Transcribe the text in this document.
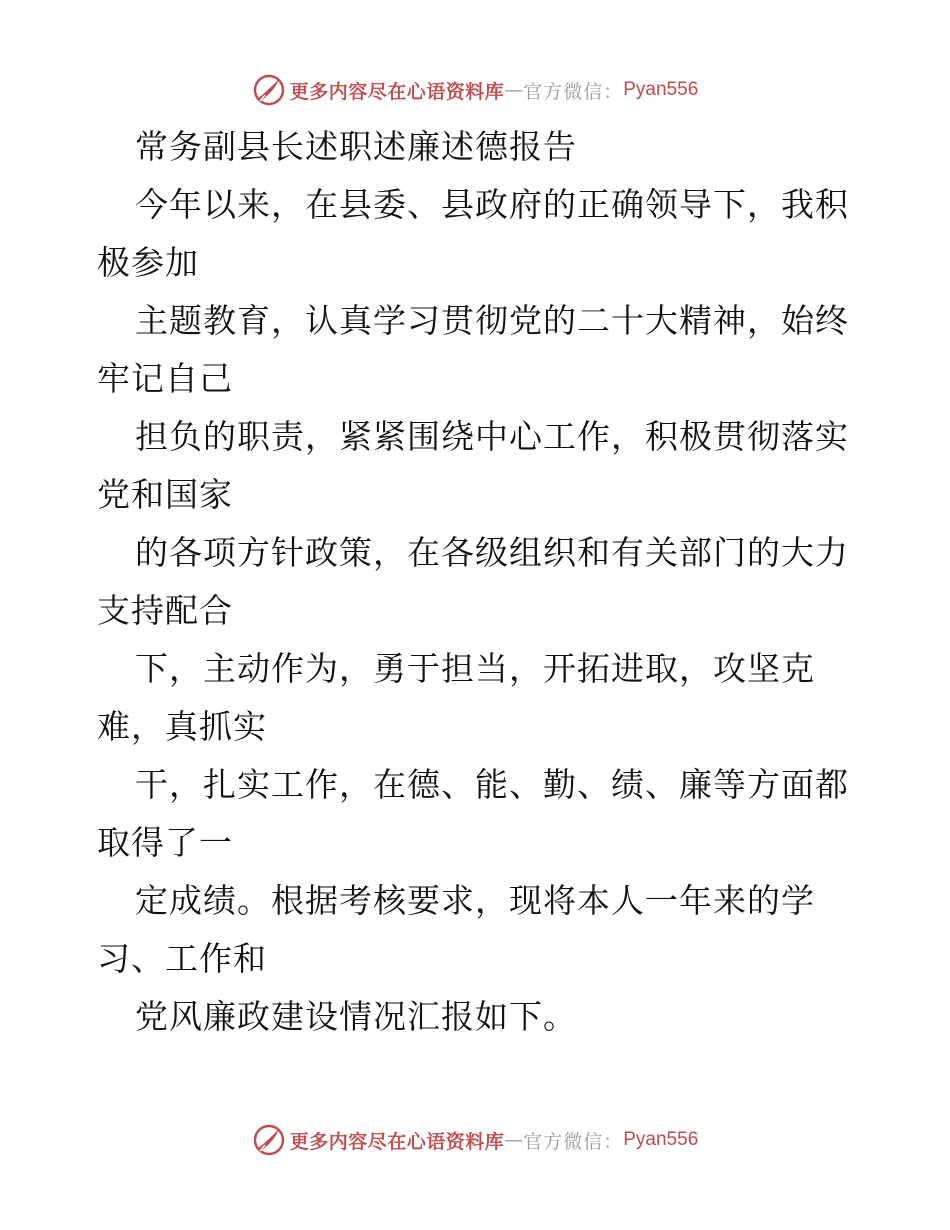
更多内容尽在心语资料库 — 官方微信： Pyan556
常务副县长述职述廉述德报告
今年以来，在县委、县政府的正确领导下，我积
极参加
主题教育，认真学习贯彻党的二十大精神，始终
牢记自己
担负的职责，紧紧围绕中心工作，积极贯彻落实
党和国家
的各项方针政策，在各级组织和有关部门的大力
支持配合
下，主动作为，勇于担当，开拓进取，攻坚克
难，真抓实
干，扎实工作，在德、能、勤、绩、廉等方面都
取得了一
定成绩。根据考核要求，现将本人一年来的学
习、工作和
党风廉政建设情况汇报如下。
更多内容尽在心语资料库 — 官方微信： Pyan556
